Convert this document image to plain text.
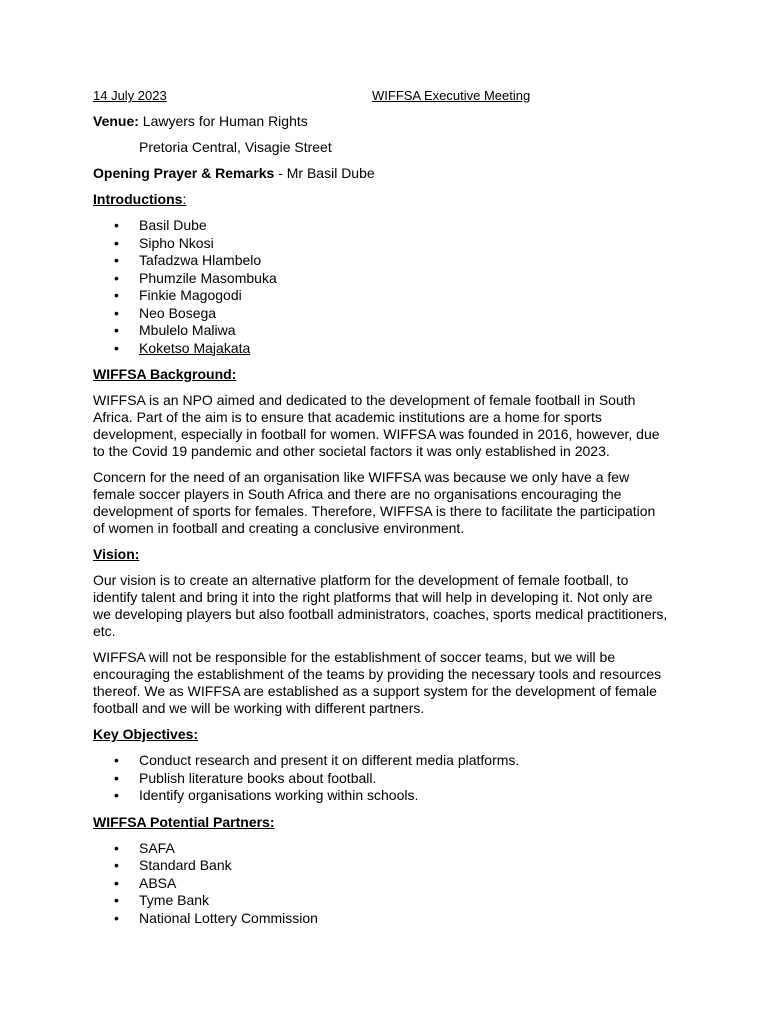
14 July 2023	WIFFSA Executive Meeting

Venue: Lawyers for Human Rights

Pretoria Central, Visagie Street

Opening Prayer & Remarks - Mr Basil Dube

Introductions:

• Basil Dube
• Sipho Nkosi
• Tafadzwa Hlambelo
• Phumzile Masombuka
• Finkie Magogodi
• Neo Bosega
• Mbulelo Maliwa
• Koketso Majakata

WIFFSA Background:

WIFFSA is an NPO aimed and dedicated to the development of female football in South
Africa. Part of the aim is to ensure that academic institutions are a home for sports
development, especially in football for women. WIFFSA was founded in 2016, however, due
to the Covid 19 pandemic and other societal factors it was only established in 2023.

Concern for the need of an organisation like WIFFSA was because we only have a few
female soccer players in South Africa and there are no organisations encouraging the
development of sports for females. Therefore, WIFFSA is there to facilitate the participation
of women in football and creating a conclusive environment.

Vision:

Our vision is to create an alternative platform for the development of female football, to
identify talent and bring it into the right platforms that will help in developing it. Not only are
we developing players but also football administrators, coaches, sports medical practitioners,
etc.

WIFFSA will not be responsible for the establishment of soccer teams, but we will be
encouraging the establishment of the teams by providing the necessary tools and resources
thereof. We as WIFFSA are established as a support system for the development of female
football and we will be working with different partners.

Key Objectives:

• Conduct research and present it on different media platforms.
• Publish literature books about football.
• Identify organisations working within schools.

WIFFSA Potential Partners:

• SAFA
• Standard Bank
• ABSA
• Tyme Bank
• National Lottery Commission
